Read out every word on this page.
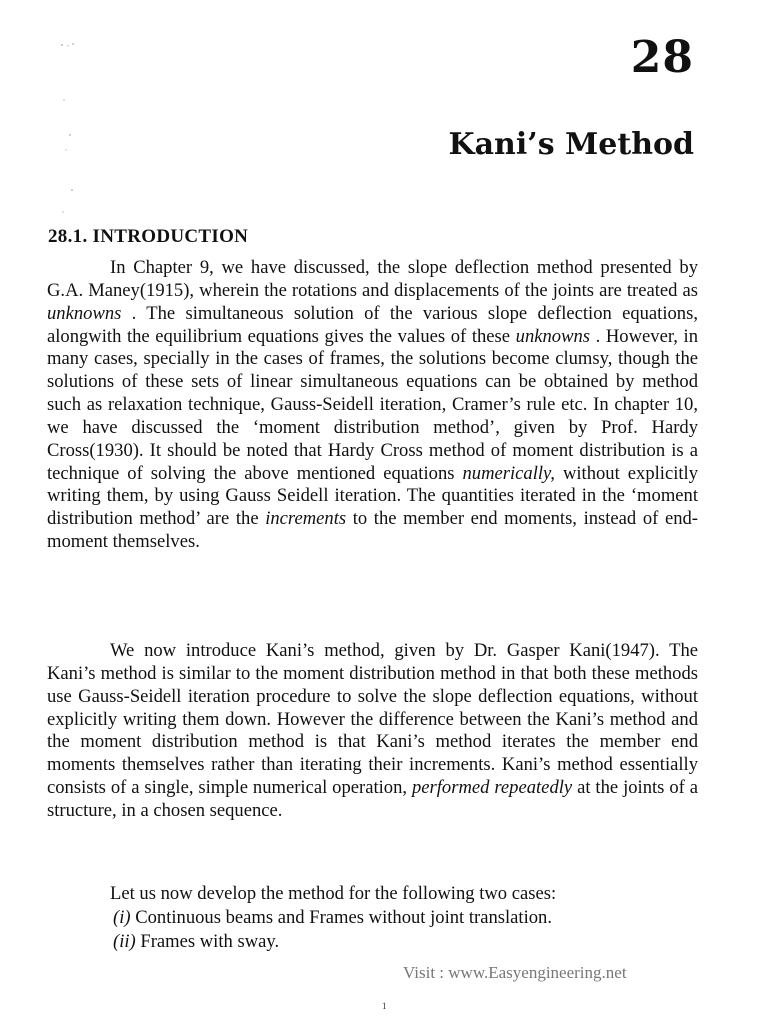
28
Kani’s Method
28.1. INTRODUCTION

In Chapter 9, we have discussed, the slope deflection method presented by G.A. Maney(1915), wherein the rotations and displacements of the joints are treated as unknowns . The simultaneous solution of the various slope deflection equations, alongwith the equilibrium equations gives the values of these unknowns . However, in many cases, specially in the cases of frames, the solutions become clumsy, though the solutions of these sets of linear simultaneous equations can be obtained by method such as relaxation technique, Gauss-Seidell iteration, Cramer’s rule etc. In chapter 10, we have discussed the ‘moment distribution method’, given by Prof. Hardy Cross(1930). It should be noted that Hardy Cross method of moment distribution is a technique of solving the above mentioned equations numerically, without explicitly writing them, by using Gauss Seidell iteration. The quantities iterated in the ‘moment distribution method’ are the increments to the member end moments, instead of end-moment themselves.

We now introduce Kani’s method, given by Dr. Gasper Kani(1947). The Kani’s method is similar to the moment distribution method in that both these methods use Gauss-Seidell iteration procedure to solve the slope deflection equations, without explicitly writing them down. However the difference between the Kani’s method and the moment distribution method is that Kani’s method iterates the member end moments themselves rather than iterating their increments. Kani’s method essentially consists of a single, simple numerical operation, performed repeatedly at the joints of a structure, in a chosen sequence.

Let us now develop the method for the following two cases:

(i) Continuous beams and Frames without joint translation.
(ii) Frames with sway.
Visit : www.Easyengineering.net
1
